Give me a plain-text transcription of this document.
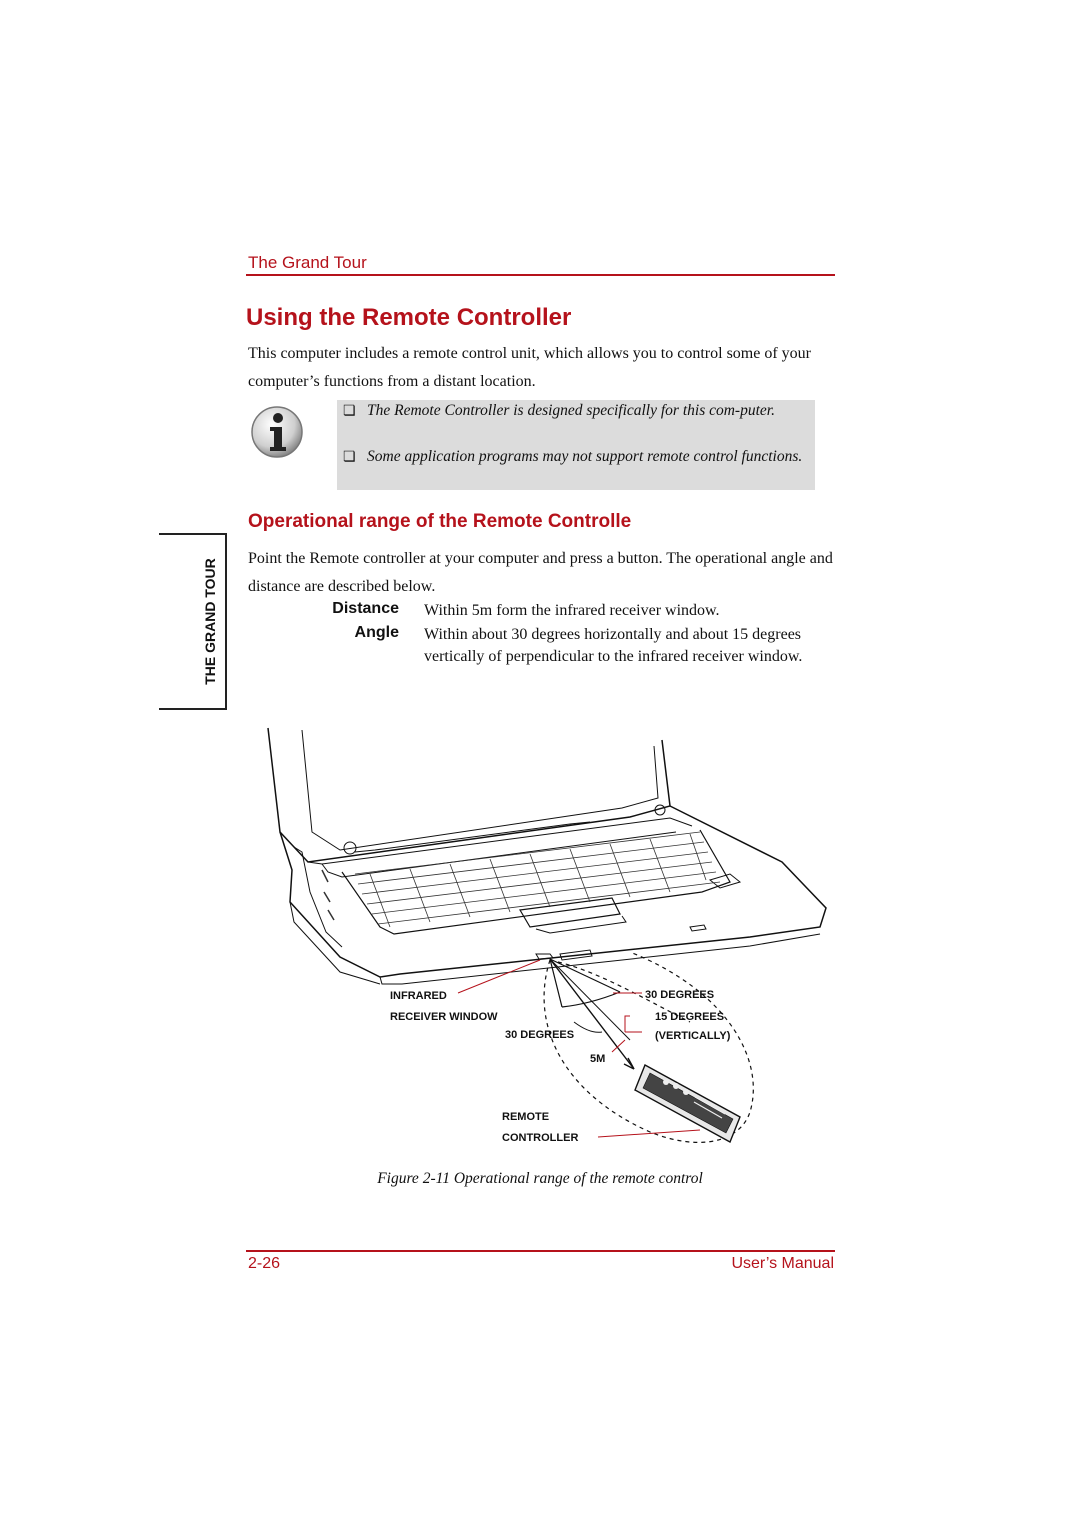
The Grand Tour
Using the Remote Controller

This computer includes a remote control unit, which allows you to control some of your computer’s functions from a distant location.

❏ The Remote Controller is designed specifically for this com-puter.
❏ Some application programs may not support remote control functions.
Operational range of the Remote Controlle

Point the Remote controller at your computer and press a button. The operational angle and distance are described below.

Distance Within 5m form the infrared receiver window.
Angle Within about 30 degrees horizontally and about 15 degrees vertically of perpendicular to the infrared receiver window.
THE GRAND TOUR
INFRARED
RECEIVER WINDOW
30 DEGREES
30 DEGREES
15 DEGREES
(VERTICALLY)
5M
REMOTE
CONTROLLER
Figure 2-11 Operational range of the remote control
2-26	User’s Manual
